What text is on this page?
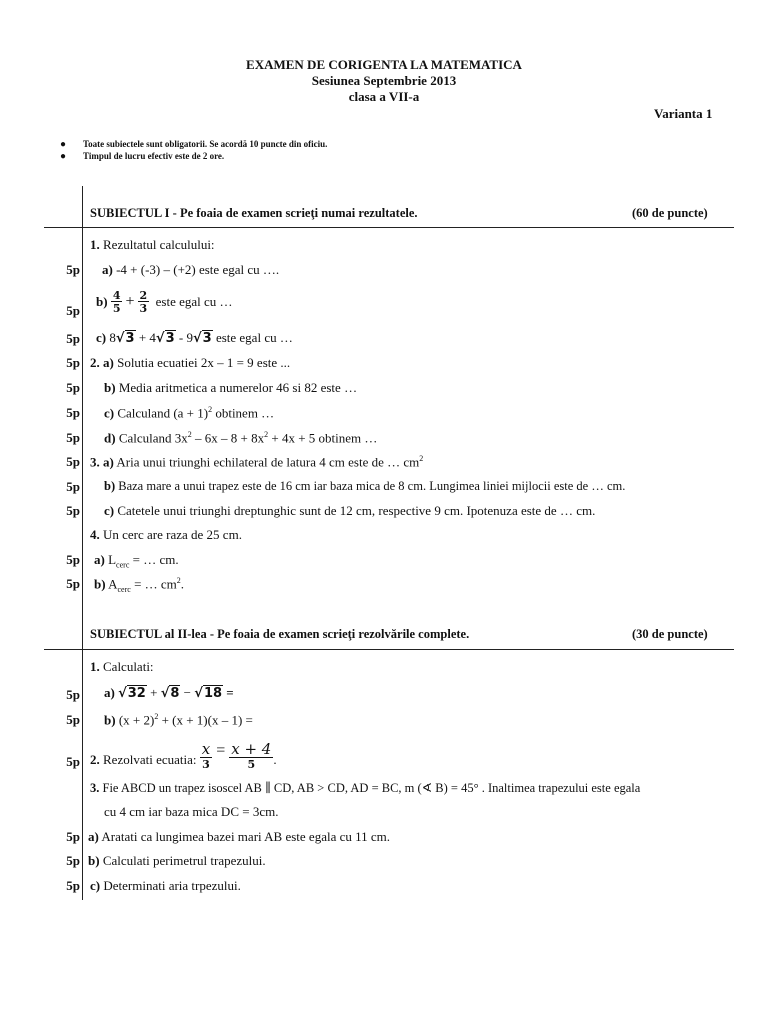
EXAMEN DE CORIGENTA LA MATEMATICA
Sesiunea Septembrie 2013
clasa a VII-a
Varianta 1
● Toate subiectele sunt obligatorii. Se acordă 10 puncte din oficiu.
● Timpul de lucru efectiv este de 2 ore.
SUBIECTUL I - Pe foaia de examen scrieţi numai rezultatele.	(60 de puncte)
1. Rezultatul calculului:
5p a) -4 + (-3) – (+2) este egal cu ….
5p
b)
$\frac{4}{5} + \frac{2}{3}$
este egal cu …
5p c) 8√3 + 4√3 - 9√3 este egal cu …
5p 2. a) Solutia ecuatiei 2x – 1 = 9 este ...
5p b) Media aritmetica a numerelor 46 si 82 este …
5p c) Calculand $(a + 1)^2$ obtinem …
5p d) Calculand $3x^2 - 6x - 8 + 8x^2 + 4x + 5$ obtinem …
5p 3. a) Aria unui triunghi echilateral de latura 4 cm este de … $cm^2$
5p b) Baza mare a unui trapez este de 16 cm iar baza mica de 8 cm. Lungimea liniei mijlocii este de … cm.
5p c) Catetele unui triunghi dreptunghic sunt de 12 cm, respective 9 cm. Ipotenuza este de … cm.
4. Un cerc are raza de 25 cm.
5p a) $L_{cerc}$ = … cm.
5p b) $A_{cerc}$ = … $cm^2$.
SUBIECTUL al II-lea - Pe foaia de examen scrieţi rezolvările complete.	(30 de puncte)
1. Calculati:
5p a) √32 + √8 − √18 =
5p b) $(x + 2)^2 + (x + 1)(x - 1)$ =
5p 2. Rezolvati ecuatia:
$\frac{x}{3} = \frac{x + 4}{5}$ .
3. Fie ABCD un trapez isoscel AB ∥ CD, AB > CD, AD = BC, m (∢ B) = 45° . Inaltimea trapezului este egala
cu 4 cm iar baza mica DC = 3cm.
5p a) Aratati ca lungimea bazei mari AB este egala cu 11 cm.
5p b) Calculati perimetrul trapezului.
5p c) Determinati aria trpezului.
